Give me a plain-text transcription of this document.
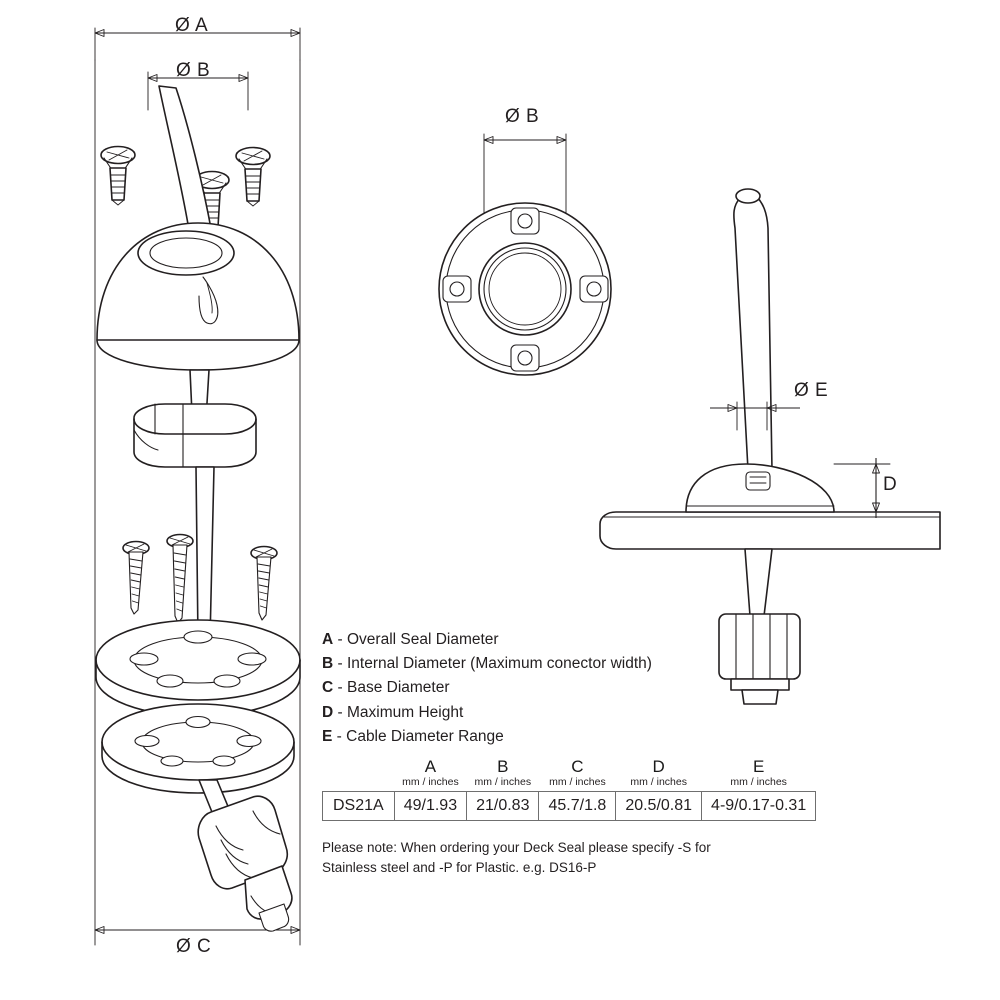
Ø A
Ø B
Ø C
Ø B
Ø E
D
A - Overall Seal Diameter
B - Internal Diameter (Maximum conector width)
C - Base Diameter
D - Maximum Height
E - Cable Diameter Range
	A	B	C	D	E
	mm / inches	mm / inches	mm / inches	mm / inches	mm / inches
DS21A	49/1.93	21/0.83	45.7/1.8	20.5/0.81	4-9/0.17-0.31
Please note: When ordering your Deck Seal please specify -S for Stainless steel and -P for Plastic. e.g. DS16-P
